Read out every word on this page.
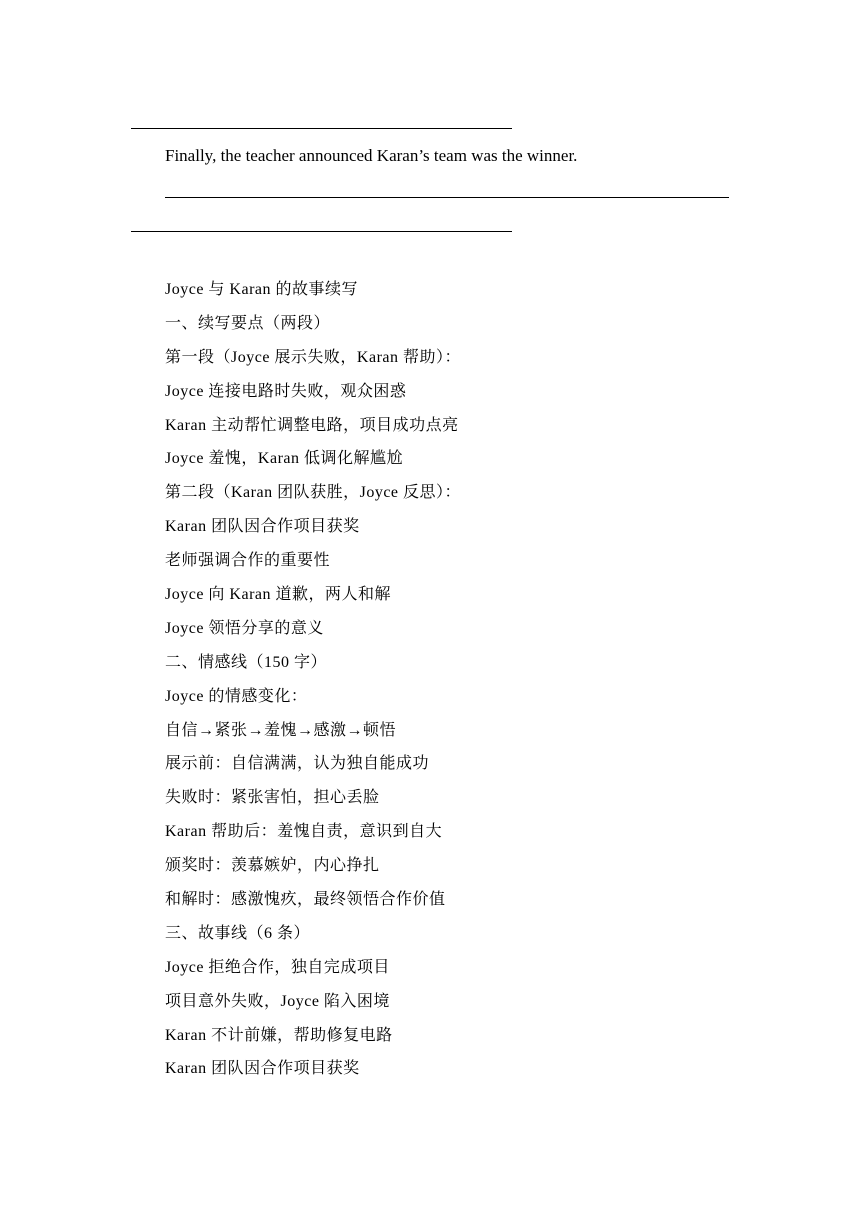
Finally, the teacher announced Karan’s team was the winner.
Joyce 与 Karan 的故事续写
一、续写要点（两段）
第一段（Joyce 展示失败，Karan 帮助）：
Joyce 连接电路时失败，观众困惑
Karan 主动帮忙调整电路，项目成功点亮
Joyce 羞愧，Karan 低调化解尴尬
第二段（Karan 团队获胜，Joyce 反思）：
Karan 团队因合作项目获奖
老师强调合作的重要性
Joyce 向 Karan 道歉，两人和解
Joyce 领悟分享的意义
二、情感线（150 字）
Joyce 的情感变化：
自信→紧张→羞愧→感激→顿悟
展示前：自信满满，认为独自能成功
失败时：紧张害怕，担心丢脸
Karan 帮助后：羞愧自责，意识到自大
颁奖时：羡慕嫉妒，内心挣扎
和解时：感激愧疚，最终领悟合作价值
三、故事线（6 条）
Joyce 拒绝合作，独自完成项目
项目意外失败，Joyce 陷入困境
Karan 不计前嫌，帮助修复电路
Karan 团队因合作项目获奖
